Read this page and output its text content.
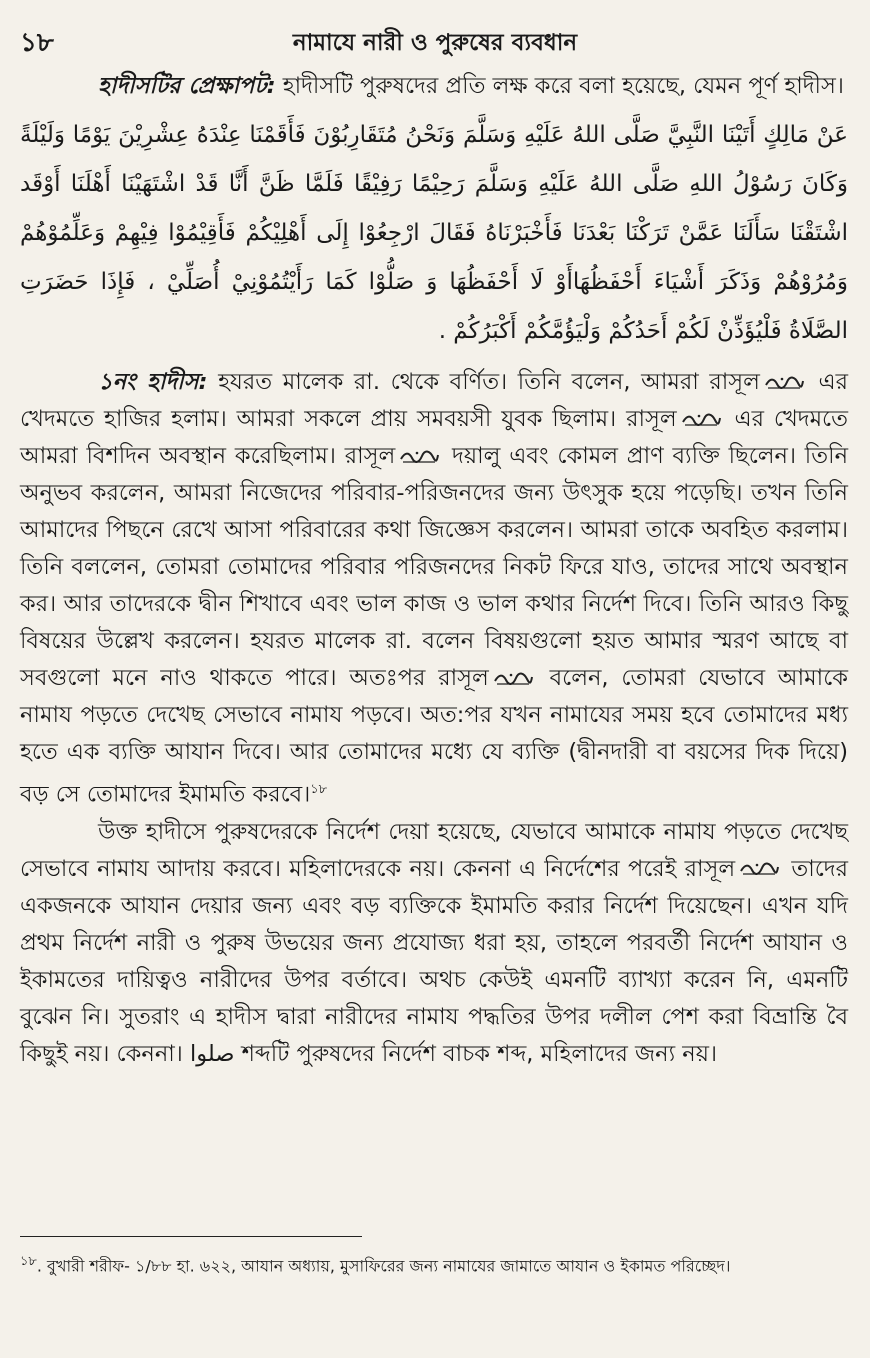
১৮	নামাযে নারী ও পুরুষের ব্যবধান

হাদীসটির প্রেক্ষাপট: হাদীসটি পুরুষদের প্রতি লক্ষ করে বলা হয়েছে, যেমন পূর্ণ হাদীস।

عَنْ مَالِكٍ أَتَيْنَا النَّبِيَّ صَلَّى اللهُ عَلَيْهِ وَسَلَّمَ وَنَحْنُ مُتَقَارِبُوْنَ فَأَقَمْنَا عِنْدَهُ عِشْرِيْنَ يَوْمًا وَلَيْلَةً وَكَانَ رَسُوْلُ اللهِ صَلَّى اللهُ عَلَيْهِ وَسَلَّمَ رَحِيْمًا رَفِيْقًا فَلَمَّا ظَنَّ أَنَّا قَدْ اشْتَهَيْنَا أَهْلَنَا أَوْقَد اشْتَقْنَا سَأَلَنَا عَمَّنْ تَرَكْنَا بَعْدَنَا فَأَخْبَرْنَاهُ فَقَالَ ارْجِعُوْا إِلَى أَهْلِيْكُمْ فَأَقِيْمُوْا فِيْهِمْ وَعَلِّمُوْهُمْ وَمُرُوْهُمْ وَذَكَرَ أَشْيَاءَ أَحْفَظُهَاأَوْ لَا أَحْفَظُهَا وَ صَلُّوْا كَمَا رَأَيْتُمُوْنِيْ أُصَلِّيْ ، فَإِذَا حَضَرَتِ الصَّلَاةُ فَلْيُؤَذِّنْ لَكُمْ أَحَدُكُمْ وَلْيَؤُمَّكُمْ أَكْبَرُكُمْ .

১নং হাদীস: হযরত মালেক রা. থেকে বর্ণিত। তিনি বলেন, আমরা রাসূল
এর খেদমতে হাজির হলাম। আমরা সকলে প্রায় সমবয়সী যুবক ছিলাম। রাসূল
এর খেদমতে আমরা বিশদিন অবস্থান করেছিলাম। রাসূল
দয়ালু এবং কোমল প্রাণ ব্যক্তি ছিলেন। তিনি অনুভব করলেন, আমরা নিজেদের পরিবার-পরিজনদের জন্য উৎসুক হয়ে পড়েছি। তখন তিনি আমাদের পিছনে রেখে আসা পরিবারের কথা জিজ্ঞেস করলেন। আমরা তাকে অবহিত করলাম। তিনি বললেন, তোমরা তোমাদের পরিবার পরিজনদের নিকট ফিরে যাও, তাদের সাথে অবস্থান কর। আর তাদেরকে দ্বীন শিখাবে এবং ভাল কাজ ও ভাল কথার নির্দেশ দিবে। তিনি আরও কিছু বিষয়ের উল্লেখ করলেন। হযরত মালেক রা. বলেন বিষয়গুলো হয়ত আমার স্মরণ আছে বা সবগুলো মনে নাও থাকতে পারে। অতঃপর রাসূল
বলেন, তোমরা যেভাবে আমাকে নামায পড়তে দেখেছ সেভাবে নামায পড়বে। অত:পর যখন নামাযের সময় হবে তোমাদের মধ্য হতে এক ব্যক্তি আযান দিবে। আর তোমাদের মধ্যে যে ব্যক্তি (দ্বীনদারী বা বয়সের দিক দিয়ে) বড় সে তোমাদের ইমামতি করবে।$^{১৮}$

উক্ত হাদীসে পুরুষদেরকে নির্দেশ দেয়া হয়েছে, যেভাবে আমাকে নামায পড়তে দেখেছ সেভাবে নামায আদায় করবে। মহিলাদেরকে নয়। কেননা এ নির্দেশের পরেই রাসূল
তাদের একজনকে আযান দেয়ার জন্য এবং বড় ব্যক্তিকে ইমামতি করার নির্দেশ দিয়েছেন। এখন যদি প্রথম নির্দেশ নারী ও পুরুষ উভয়ের জন্য প্রযোজ্য ধরা হয়, তাহলে পরবর্তী নির্দেশ আযান ও ইকামতের দায়িত্বও নারীদের উপর বর্তাবে। অথচ কেউই এমনটি ব্যাখ্যা করেন নি, এমনটি বুঝেন নি। সুতরাং এ হাদীস দ্বারা নারীদের নামায পদ্ধতির উপর দলীল পেশ করা বিভ্রান্তি বৈ কিছুই নয়। কেননা। صلوا শব্দটি পুরুষদের নির্দেশ বাচক শব্দ, মহিলাদের জন্য নয়।

$^{১৮}$. বুখারী শরীফ- ১/৮৮ হা. ৬২২, আযান অধ্যায়, মুসাফিরের জন্য নামাযের জামাতে আযান ও ইকামত পরিচ্ছেদ।
